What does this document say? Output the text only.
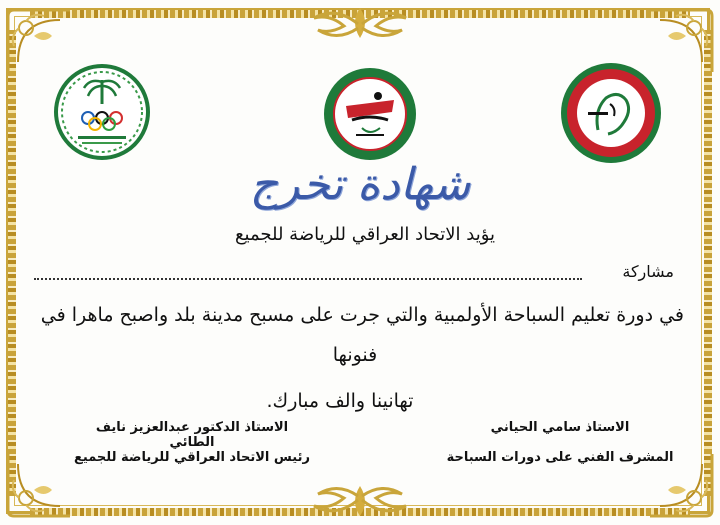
شهادة تخرج
يؤيد الاتحاد العراقي للرياضة للجميع
مشاركة
في دورة تعليم السباحة الأولمبية والتي جرت على مسبح مدينة بلد واصبح ماهرا في
فنونها
تهانينا والف مبارك.
الاستاذ الدكتور عبدالعزيز نايف الطائي
رئيس الاتحاد العراقي للرياضة للجميع
الاستاذ سامي الحياني
المشرف الفني على دورات السباحة
